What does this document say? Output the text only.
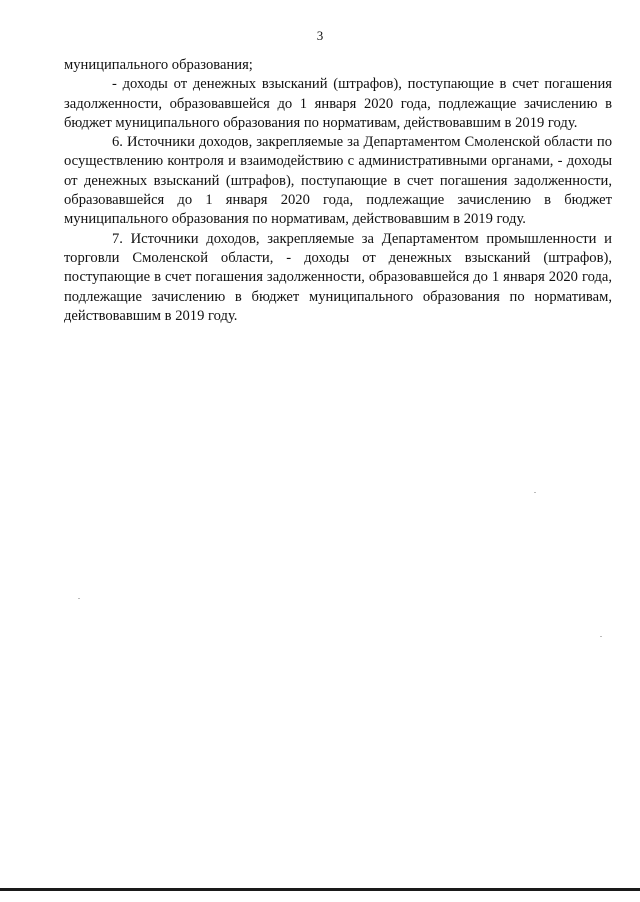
3

муниципального образования;

- доходы от денежных взысканий (штрафов), поступающие в счет погашения задолженности, образовавшейся до 1 января 2020 года, подлежащие зачислению в бюджет муниципального образования по нормативам, действовавшим в 2019 году.

6. Источники доходов, закрепляемые за Департаментом Смоленской области по осуществлению контроля и взаимодействию с административными органами, - доходы от денежных взысканий (штрафов), поступающие в счет погашения задолженности, образовавшейся до 1 января 2020 года, подлежащие зачислению в бюджет муниципального образования по нормативам, действовавшим в 2019 году.

7. Источники доходов, закрепляемые за Департаментом промышленности и торговли Смоленской области, - доходы от денежных взысканий (штрафов), поступающие в счет погашения задолженности, образовавшейся до 1 января 2020 года, подлежащие зачислению в бюджет муниципального образования по нормативам, действовавшим в 2019 году.
